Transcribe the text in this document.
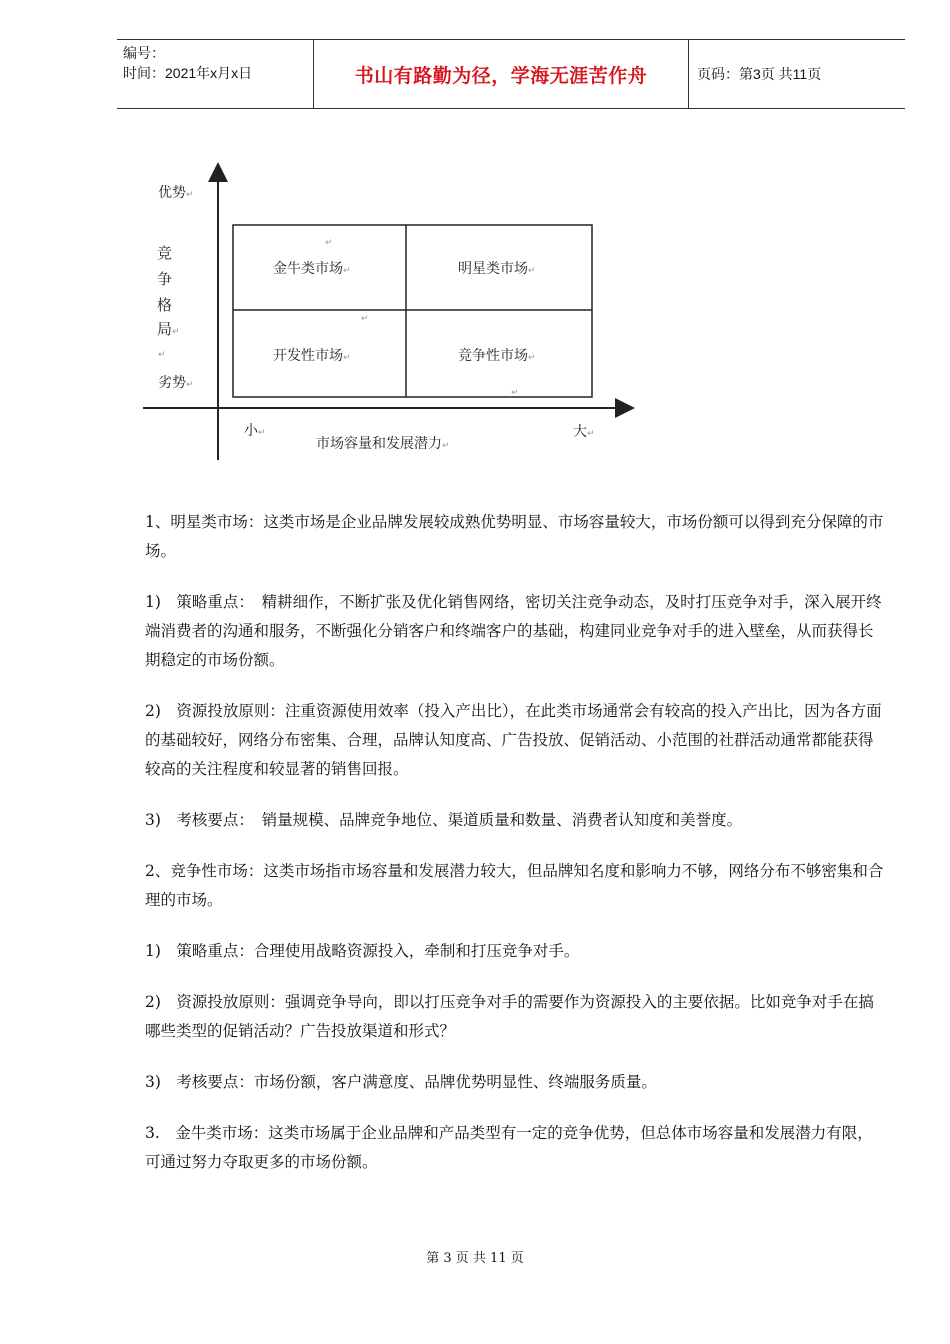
编号：
时间：2021年x月x日	书山有路勤为径，学海无涯苦作舟	页码：第3页 共11页
优势↵
竞
争
格
局↵
↵
劣势↵
↵
金牛类市场↵	明星类市场↵
↵
开发性市场↵	竞争性市场↵
↵
小↵
市场容量和发展潜力↵
大↵

1、明星类市场：这类市场是企业品牌发展较成熟优势明显、市场容量较大，市场份额可以得到充分保障的市场。

1)　策略重点：　精耕细作，不断扩张及优化销售网络，密切关注竞争动态，及时打压竞争对手，深入展开终端消费者的沟通和服务，不断强化分销客户和终端客户的基础，构建同业竞争对手的进入壁垒，从而获得长期稳定的市场份额。

2)　资源投放原则：注重资源使用效率（投入产出比），在此类市场通常会有较高的投入产出比，因为各方面的基础较好，网络分布密集、合理，品牌认知度高、广告投放、促销活动、小范围的社群活动通常都能获得较高的关注程度和较显著的销售回报。

3)　考核要点：　销量规模、品牌竞争地位、渠道质量和数量、消费者认知度和美誉度。

2、竞争性市场：这类市场指市场容量和发展潜力较大，但品牌知名度和影响力不够，网络分布不够密集和合理的市场。

1)　策略重点：合理使用战略资源投入，牵制和打压竞争对手。

2)　资源投放原则：强调竞争导向，即以打压竞争对手的需要作为资源投入的主要依据。比如竞争对手在搞哪些类型的促销活动？广告投放渠道和形式？

3)　考核要点：市场份额，客户满意度、品牌优势明显性、终端服务质量。

3.　金牛类市场：这类市场属于企业品牌和产品类型有一定的竞争优势，但总体市场容量和发展潜力有限，可通过努力夺取更多的市场份额。

第 3 页 共 11 页
